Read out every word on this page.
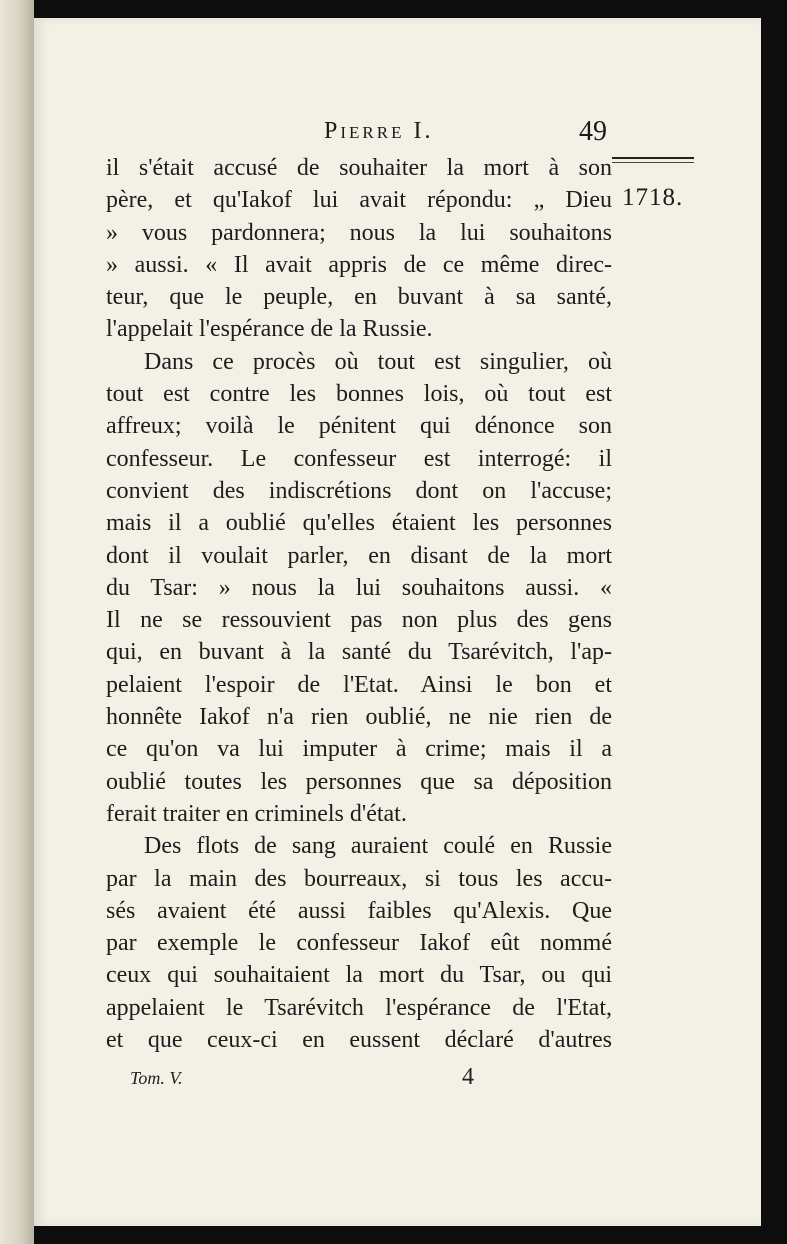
Pierre I.	49
1718.
il s'était accusé de souhaiter la mort à son
père, et qu'Iakof lui avait répondu: „ Dieu
» vous pardonnera; nous la lui souhaitons
» aussi. « Il avait appris de ce même direc-
teur, que le peuple, en buvant à sa santé,
l'appelait l'espérance de la Russie.
Dans ce procès où tout est singulier, où
tout est contre les bonnes lois, où tout est
affreux; voilà le pénitent qui dénonce son
confesseur. Le confesseur est interrogé: il
convient des indiscrétions dont on l'accuse;
mais il a oublié qu'elles étaient les personnes
dont il voulait parler, en disant de la mort
du Tsar: » nous la lui souhaitons aussi. «
Il ne se ressouvient pas non plus des gens
qui, en buvant à la santé du Tsarévitch, l'ap-
pelaient l'espoir de l'Etat. Ainsi le bon et
honnête Iakof n'a rien oublié, ne nie rien de
ce qu'on va lui imputer à crime; mais il a
oublié toutes les personnes que sa déposition
ferait traiter en criminels d'état.
Des flots de sang auraient coulé en Russie
par la main des bourreaux, si tous les accu-
sés avaient été aussi faibles qu'Alexis. Que
par exemple le confesseur Iakof eût nommé
ceux qui souhaitaient la mort du Tsar, ou qui
appelaient le Tsarévitch l'espérance de l'Etat,
et que ceux-ci en eussent déclaré d'autres
Tom. V.	4
